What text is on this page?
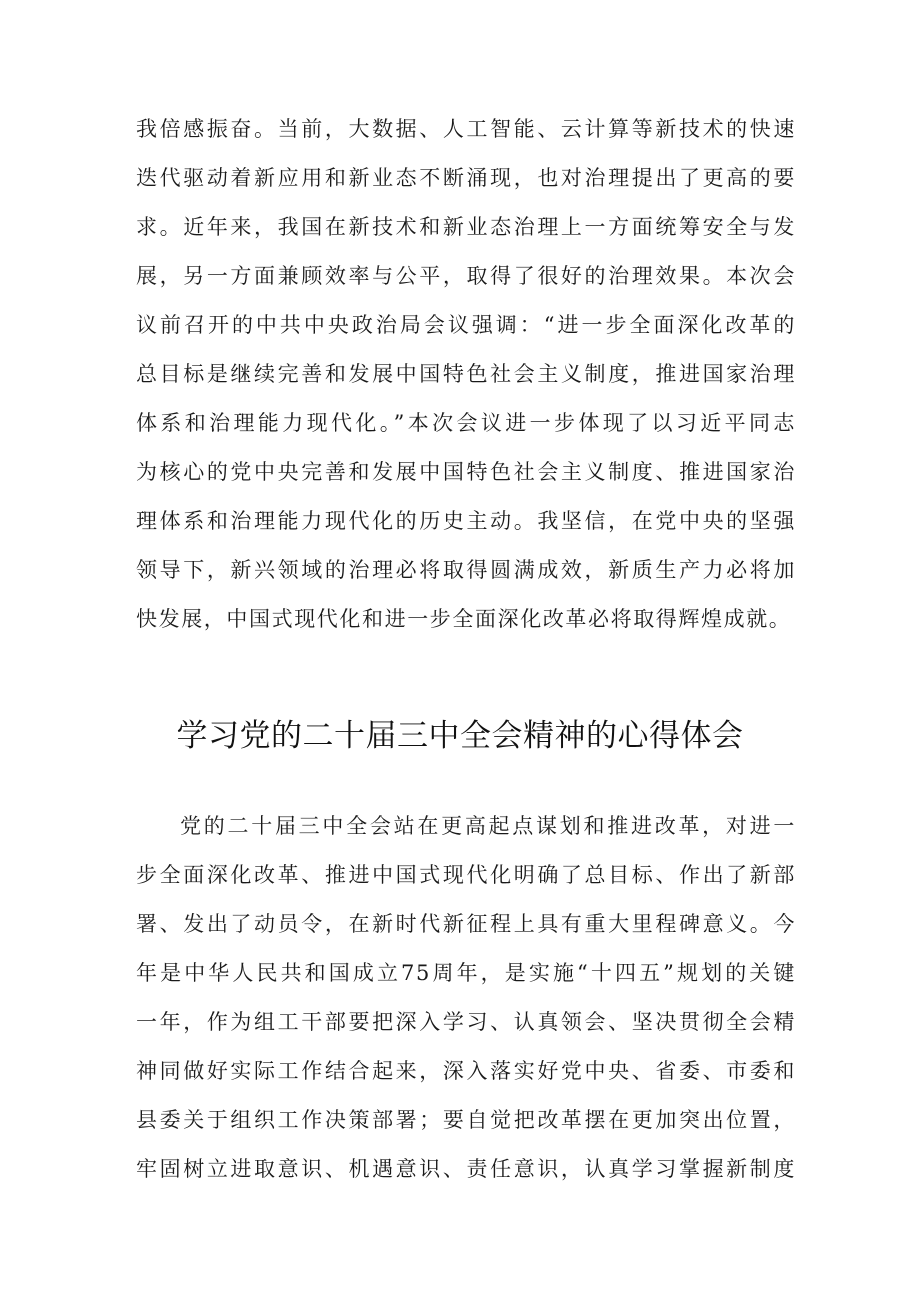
我倍感振奋。当前，大数据、人工智能、云计算等新技术的快速
迭代驱动着新应用和新业态不断涌现，也对治理提出了更高的要
求。近年来，我国在新技术和新业态治理上一方面统筹安全与发
展，另一方面兼顾效率与公平，取得了很好的治理效果。本次会
议前召开的中共中央政治局会议强调：“进一步全面深化改革的
总目标是继续完善和发展中国特色社会主义制度，推进国家治理
体系和治理能力现代化。”本次会议进一步体现了以习近平同志
为核心的党中央完善和发展中国特色社会主义制度、推进国家治
理体系和治理能力现代化的历史主动。我坚信，在党中央的坚强
领导下，新兴领域的治理必将取得圆满成效，新质生产力必将加
快发展，中国式现代化和进一步全面深化改革必将取得辉煌成就。
学习党的二十届三中全会精神的心得体会
党的二十届三中全会站在更高起点谋划和推进改革，对进一
步全面深化改革、推进中国式现代化明确了总目标、作出了新部
署、发出了动员令，在新时代新征程上具有重大里程碑意义。今
年是中华人民共和国成立75周年，是实施“十四五”规划的关键
一年，作为组工干部要把深入学习、认真领会、坚决贯彻全会精
神同做好实际工作结合起来，深入落实好党中央、省委、市委和
县委关于组织工作决策部署；要自觉把改革摆在更加突出位置，
牢固树立进取意识、机遇意识、责任意识，认真学习掌握新制度
